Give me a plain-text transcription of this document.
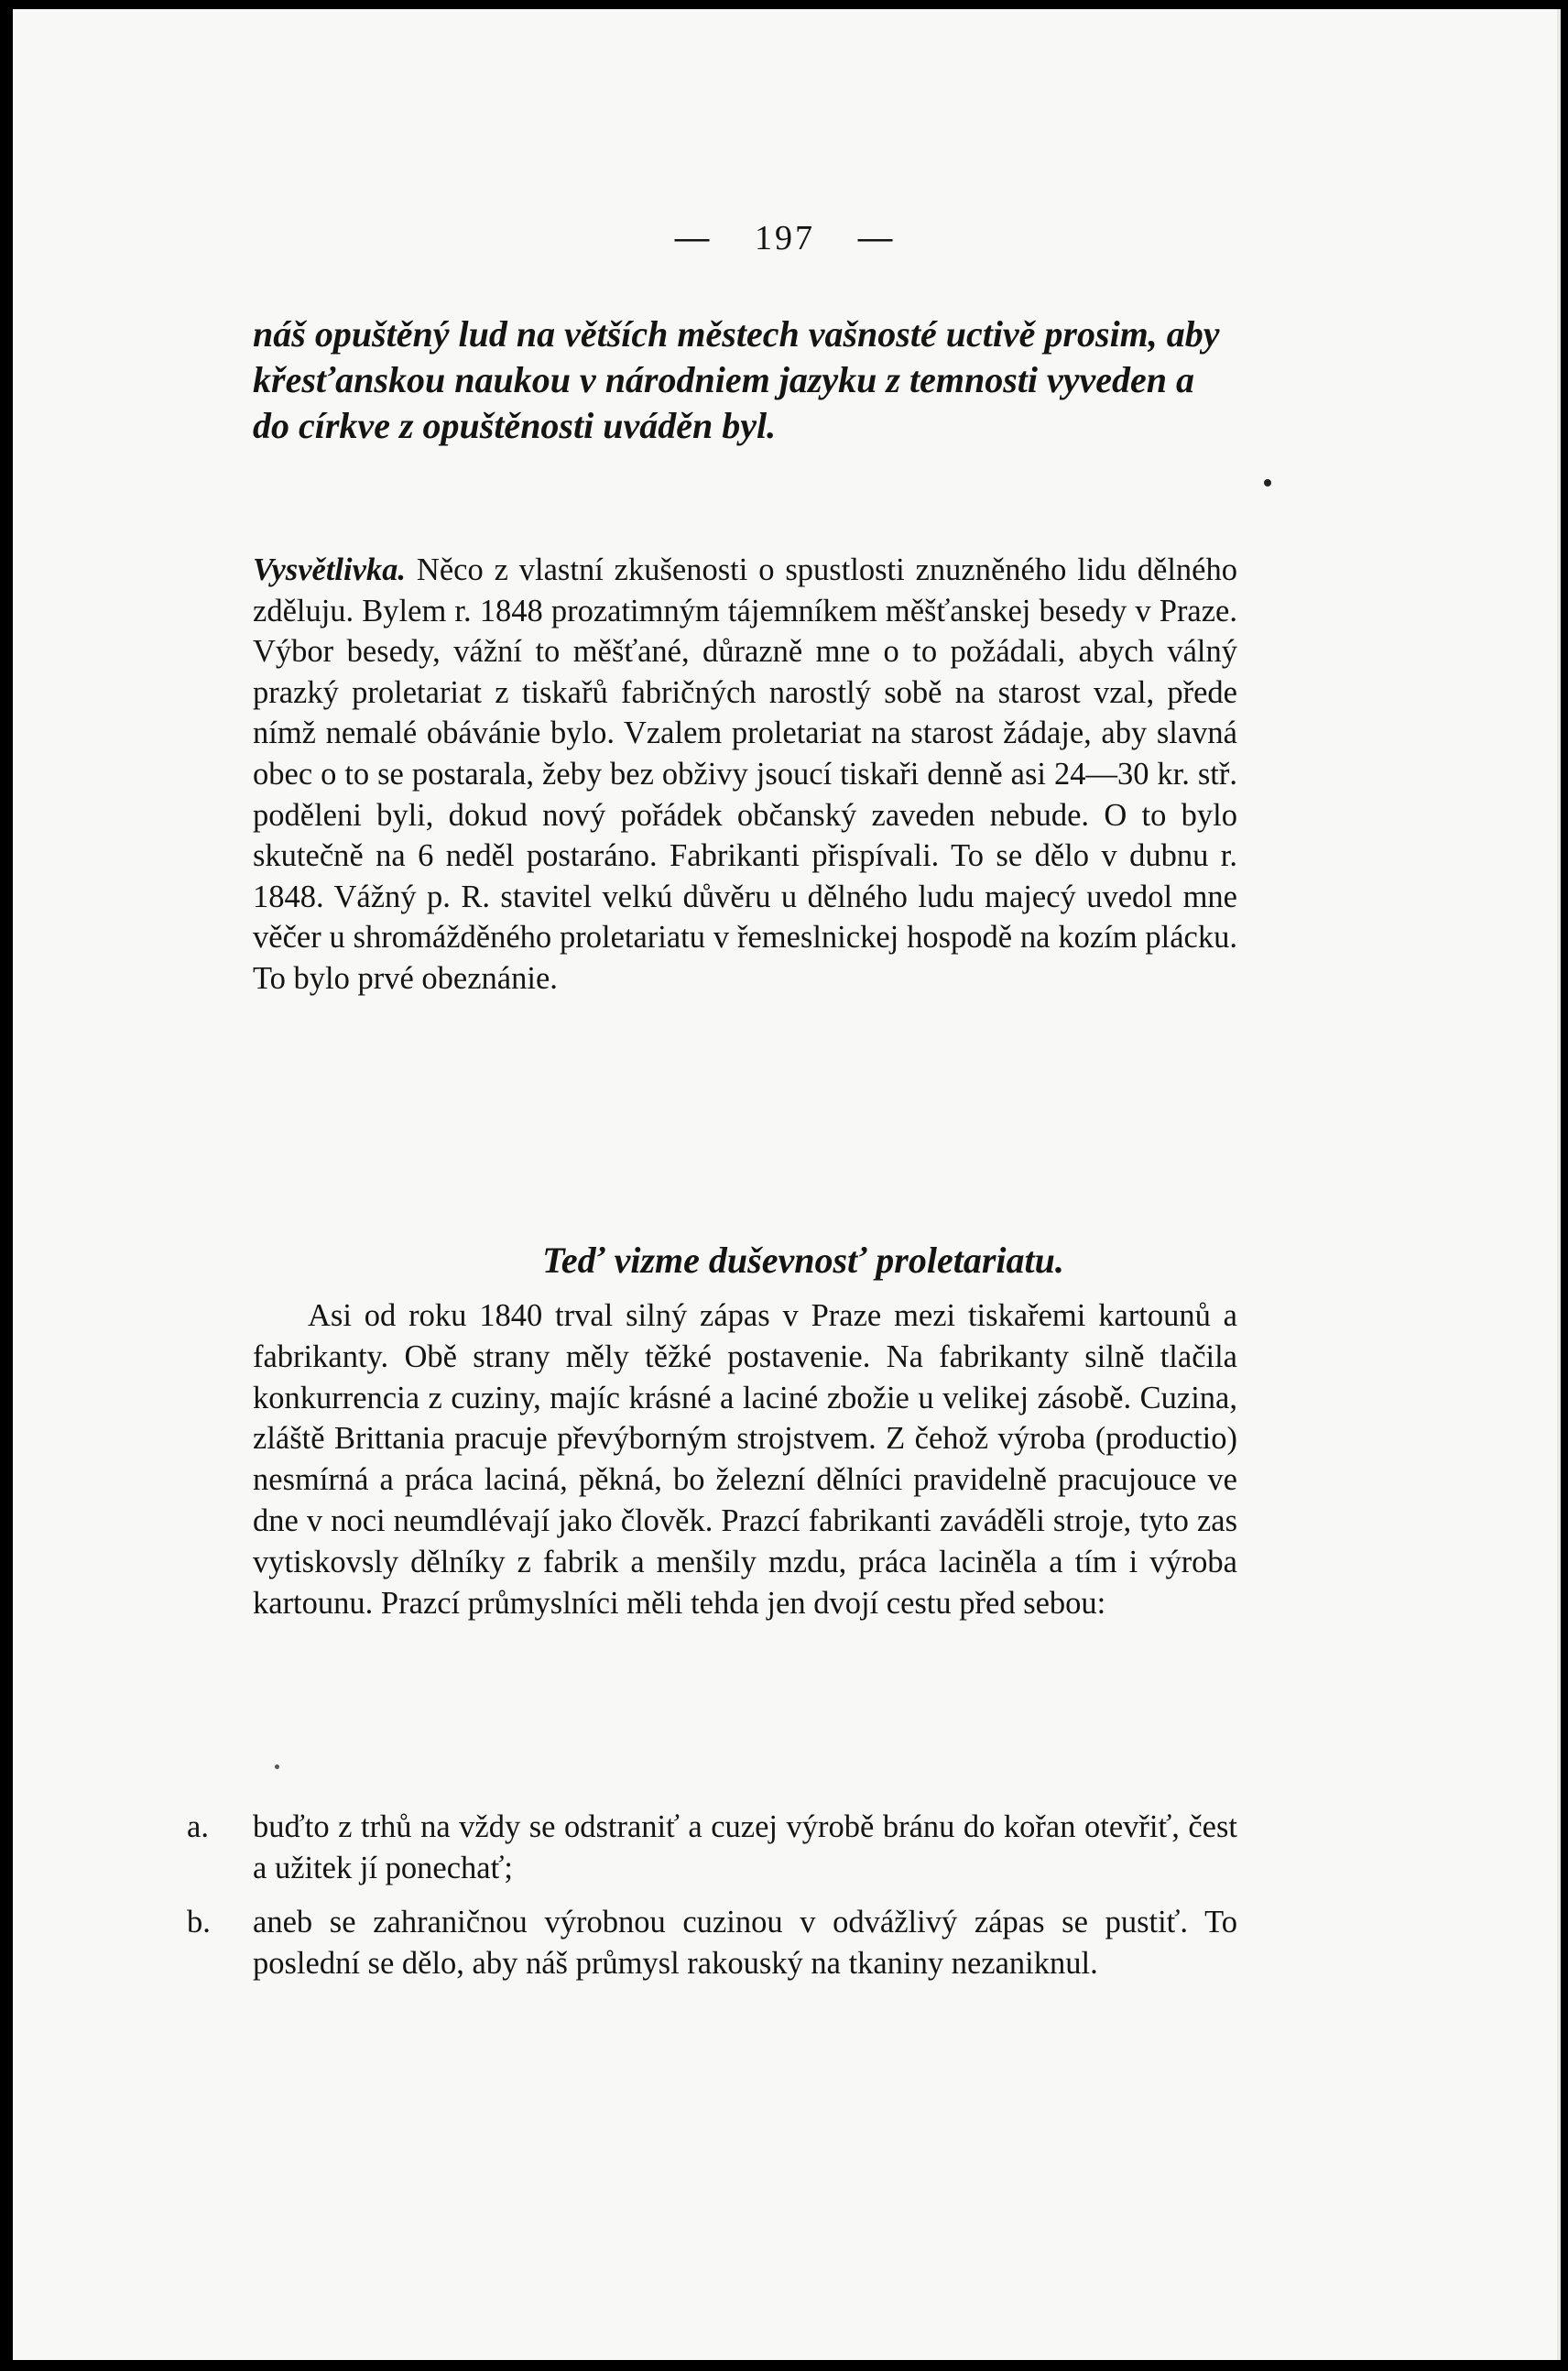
— 197 —
náš opuštěný lud na větších městech vašnosté uctivě prosim, aby křesťanskou naukou v národniem jazyku z temnosti vyveden a do církve z opuštěnosti uváděn byl.
Vysvětlivka. Něco z vlastní zkušenosti o spustlosti znuzněného lidu dělného zděluju. Bylem r. 1848 prozatimným tájemníkem měšťanskej besedy v Praze. Výbor besedy, vážní to měšťané, důrazně mne o to požádali, abych válný prazký proletariat z tiskařů fabričných narostlý sobě na starost vzal, přede nímž nemalé obávánie bylo. Vzalem proletariat na starost žádaje, aby slavná obec o to se postarala, žeby bez obživy jsoucí tiskaři denně asi 24—30 kr. stř. poděleni byli, dokud nový pořádek občanský zaveden nebude. O to bylo skutečně na 6 neděl postaráno. Fabrikanti přispívali. To se dělo v dubnu r. 1848. Vážný p. R. stavitel velkú důvěru u dělného ludu majecý uvedol mne věčer u shromážděného proletariatu v řemeslnickej hospodě na kozím plácku. To bylo prvé obeznánie.
Teď vizme duševnosť proletariatu.
Asi od roku 1840 trval silný zápas v Praze mezi tiskařemi kartounů a fabrikanty. Obě strany měly těžké postavenie. Na fabrikanty silně tlačila konkurrencia z cuziny, majíc krásné a laciné zbožie u velikej zásobě. Cuzina, zláště Brittania pracuje převýborným strojstvem. Z čehož výroba (productio) nesmírná a práca laciná, pěkná, bo železní dělníci pravidelně pracujouce ve dne v noci neumdlévají jako člověk. Prazcí fabrikanti zaváděli stroje, tyto zas vytiskovsly dělníky z fabrik a menšily mzdu, práca laciněla a tím i výroba kartounu. Prazcí průmyslníci měli tehda jen dvojí cestu před sebou:
a. buďto z trhů na vždy se odstraniť a cuzej výrobě bránu do kořan otevřiť, čest a užitek jí ponechať;
b. aneb se zahraničnou výrobnou cuzinou v odvážlivý zápas se pustiť. To poslední se dělo, aby náš průmysl rakouský na tkaniny nezaniknul.
